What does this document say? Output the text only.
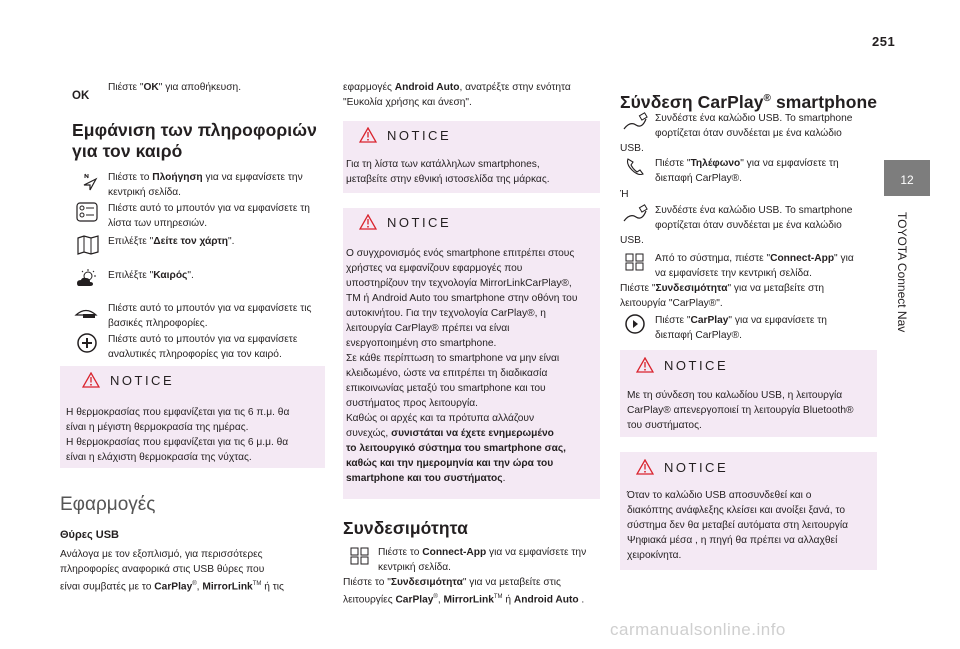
251
12
TOYOTA Connect Nav
OK
Πιέστε "OK" για αποθήκευση.
Εμφάνιση των πληροφοριών
για τον καιρό
Πιέστε το Πλοήγηση για να εμφανίσετε την
κεντρική σελίδα.
Πιέστε αυτό το μπουτόν για να εμφανίσετε τη
λίστα των υπηρεσιών.
Επιλέξτε "Δείτε τον χάρτη".
Επιλέξτε "Καιρός".
Πιέστε αυτό το μπουτόν για να εμφανίσετε τις
βασικές πληροφορίες.
Πιέστε αυτό το μπουτόν για να εμφανίσετε
αναλυτικές πληροφορίες για τον καιρό.
NOTICE
Η θερμοκρασίας που εμφανίζεται για τις 6 π.μ. θα
είναι η μέγιστη θερμοκρασία της ημέρας.
Η θερμοκρασίας που εμφανίζεται για τις 6 μ.μ. θα
είναι η ελάχιστη θερμοκρασία της νύχτας.
Εφαρμογές
Θύρες USB
Ανάλογα με τον εξοπλισμό, για περισσότερες
πληροφορίες αναφορικά στις USB θύρες που
είναι συμβατές με το CarPlay®, MirrorLink™ ή τις
εφαρμογές Android Auto, ανατρέξτε στην ενότητα
"Ευκολία χρήσης και άνεση".
NOTICE
Για τη λίστα των κατάλληλων smartphones,
μεταβείτε στην εθνική ιστοσελίδα της μάρκας.
NOTICE
Ο συγχρονισμός ενός smartphone επιτρέπει στους
χρήστες να εμφανίζουν εφαρμογές που
υποστηρίζουν την τεχνολογία MirrorLinkCarPlay®,
TM ή Android Auto του smartphone στην οθόνη του
αυτοκινήτου. Για την τεχνολογία CarPlay®, η
λειτουργία CarPlay® πρέπει να είναι
ενεργοποιημένη στο smartphone.
Σε κάθε περίπτωση το smartphone να μην είναι
κλειδωμένο, ώστε να επιτρέπει τη διαδικασία
επικοινωνίας μεταξύ του smartphone και του
συστήματος προς λειτουργία.
Καθώς οι αρχές και τα πρότυπα αλλάζουν
συνεχώς, συνιστάται να έχετε ενημερωμένο
το λειτουργικό σύστημα του smartphone σας,
καθώς και την ημερομηνία και την ώρα του
smartphone και του συστήματος.
Συνδεσιμότητα
Πιέστε το Connect-App για να εμφανίσετε την
κεντρική σελίδα.
Πιέστε το "Συνδεσιμότητα" για να μεταβείτε στις
λειτουργίες CarPlay®, MirrorLink™ ή Android Auto .
Σύνδεση CarPlay® smartphone
Συνδέστε ένα καλώδιο USB. Το smartphone
φορτίζεται όταν συνδέεται με ένα καλώδιο
USB.
Πιέστε "Τηλέφωνο" για να εμφανίσετε τη
διεπαφή CarPlay®.
Ή
Συνδέστε ένα καλώδιο USB. Το smartphone
φορτίζεται όταν συνδέεται με ένα καλώδιο
USB.
Από το σύστημα, πιέστε "Connect-App" για
να εμφανίσετε την κεντρική σελίδα.
Πιέστε "Συνδεσιμότητα" για να μεταβείτε στη
λειτουργία "CarPlay®".
Πιέστε "CarPlay" για να εμφανίσετε τη
διεπαφή CarPlay®.
NOTICE
Με τη σύνδεση του καλωδίου USB, η λειτουργία
CarPlay® απενεργοποιεί τη λειτουργία Bluetooth®
του συστήματος.
NOTICE
Όταν το καλώδιο USB αποσυνδεθεί και ο
διακόπτης ανάφλεξης κλείσει και ανοίξει ξανά, το
σύστημα δεν θα μεταβεί αυτόματα στη λειτουργία
Ψηφιακά μέσα , η πηγή θα πρέπει να αλλαχθεί
χειροκίνητα.
carmanualsonline.info
